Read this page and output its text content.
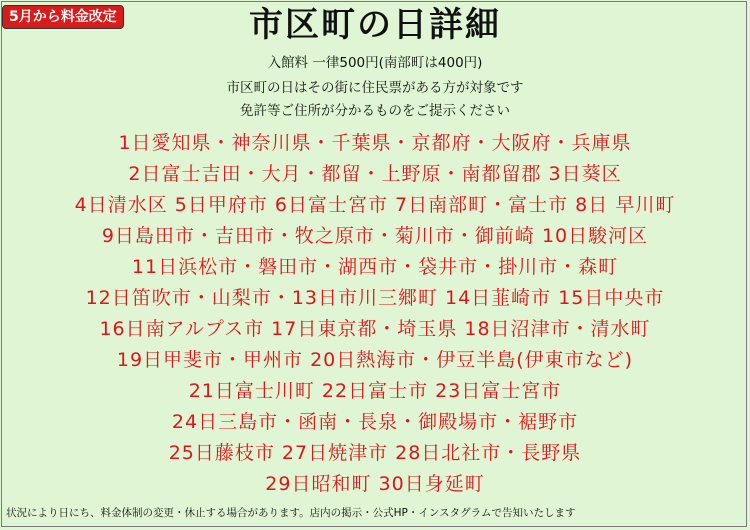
5月から料金改定	市区町の日詳細
入館料 一律500円(南部町は400円)
市区町の日はその街に住民票がある方が対象です
免許等ご住所が分かるものをご提示ください
1日愛知県・神奈川県・千葉県・京都府・大阪府・兵庫県
2日富士吉田・大月・都留・上野原・南都留郡 3日葵区
4日清水区 5日甲府市 6日富士宮市 7日南部町・富士市 8日 早川町
9日島田市・吉田市・牧之原市・菊川市・御前崎 10日駿河区
11日浜松市・磐田市・湖西市・袋井市・掛川市・森町
12日笛吹市・山梨市・13日市川三郷町 14日韮崎市 15日中央市
16日南アルプス市 17日東京都・埼玉県 18日沼津市・清水町
19日甲斐市・甲州市 20日熱海市・伊豆半島(伊東市など)
21日富士川町 22日富士市 23日富士宮市
24日三島市・函南・長泉・御殿場市・裾野市
25日藤枝市 27日焼津市 28日北社市・長野県
29日昭和町 30日身延町
状況により日にち、料金体制の変更・休止する場合があります。店内の掲示・公式HP・インスタグラムで告知いたします
